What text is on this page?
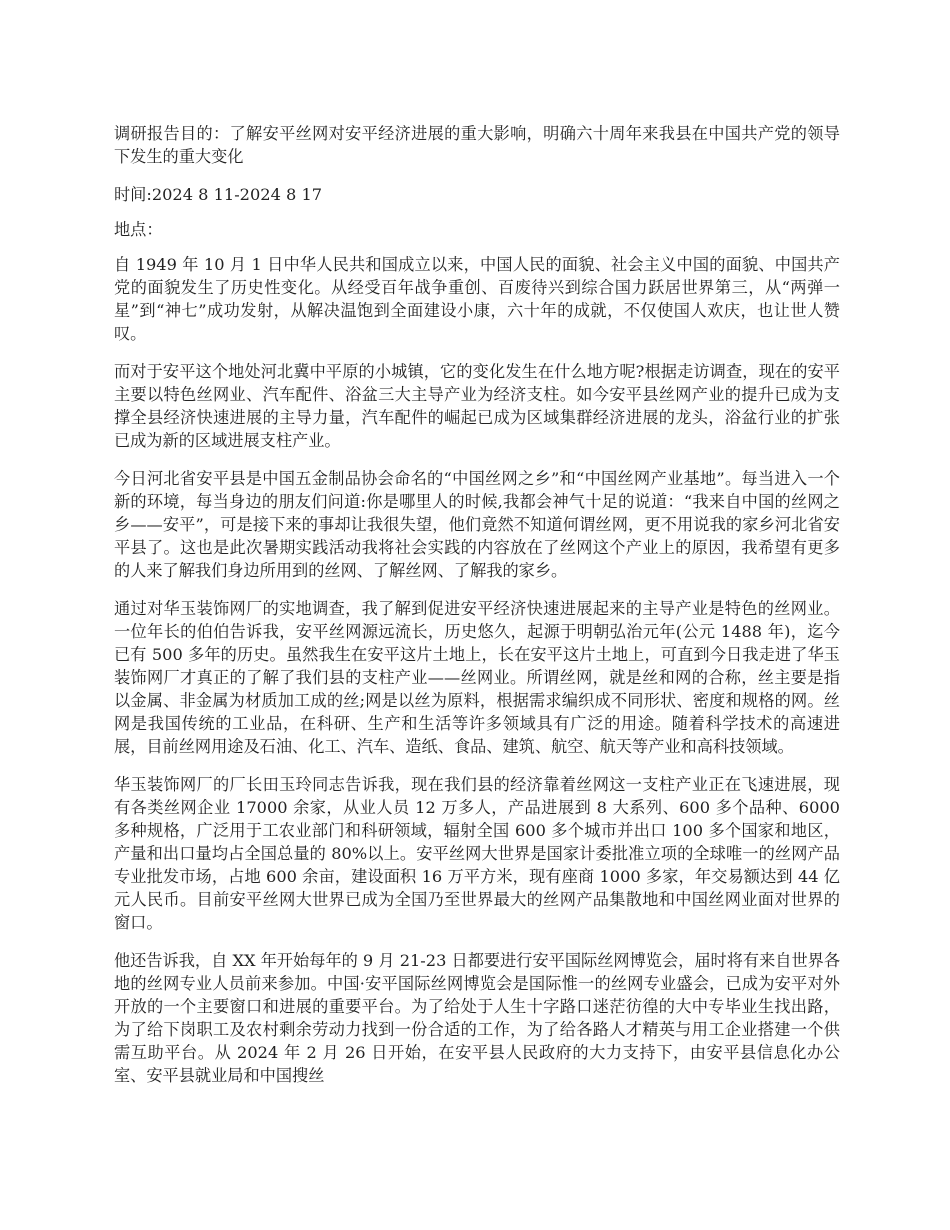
调研报告目的：了解安平丝网对安平经济进展的重大影响，明确六十周年来我县在中国共产党的领导下发生的重大变化

时间:2024 8 11-2024 8 17

地点：

自 1949 年 10 月 1 日中华人民共和国成立以来，中国人民的面貌、社会主义中国的面貌、中国共产党的面貌发生了历史性变化。从经受百年战争重创、百废待兴到综合国力跃居世界第三，从“两弹一星”到“神七”成功发射，从解决温饱到全面建设小康，六十年的成就，不仅使国人欢庆，也让世人赞叹。

而对于安平这个地处河北冀中平原的小城镇，它的变化发生在什么地方呢?根据走访调查，现在的安平主要以特色丝网业、汽车配件、浴盆三大主导产业为经济支柱。如今安平县丝网产业的提升已成为支撑全县经济快速进展的主导力量，汽车配件的崛起已成为区域集群经济进展的龙头，浴盆行业的扩张已成为新的区域进展支柱产业。

今日河北省安平县是中国五金制品协会命名的“中国丝网之乡”和“中国丝网产业基地”。每当进入一个新的环境，每当身边的朋友们问道:你是哪里人的时候,我都会神气十足的说道：“我来自中国的丝网之乡——安平”，可是接下来的事却让我很失望，他们竟然不知道何谓丝网，更不用说我的家乡河北省安平县了。这也是此次暑期实践活动我将社会实践的内容放在了丝网这个产业上的原因，我希望有更多的人来了解我们身边所用到的丝网、了解丝网、了解我的家乡。

通过对华玉装饰网厂的实地调查，我了解到促进安平经济快速进展起来的主导产业是特色的丝网业。一位年长的伯伯告诉我，安平丝网源远流长，历史悠久，起源于明朝弘治元年(公元 1488 年)，迄今已有 500 多年的历史。虽然我生在安平这片土地上，长在安平这片土地上，可直到今日我走进了华玉装饰网厂才真正的了解了我们县的支柱产业——丝网业。所谓丝网，就是丝和网的合称，丝主要是指以金属、非金属为材质加工成的丝;网是以丝为原料，根据需求编织成不同形状、密度和规格的网。丝网是我国传统的工业品，在科研、生产和生活等许多领域具有广泛的用途。随着科学技术的高速进展，目前丝网用途及石油、化工、汽车、造纸、食品、建筑、航空、航天等产业和高科技领域。

华玉装饰网厂的厂长田玉玲同志告诉我，现在我们县的经济靠着丝网这一支柱产业正在飞速进展，现有各类丝网企业 17000 余家，从业人员 12 万多人，产品进展到 8 大系列、600 多个品种、6000 多种规格，广泛用于工农业部门和科研领域，辐射全国 600 多个城市并出口 100 多个国家和地区，产量和出口量均占全国总量的 80%以上。安平丝网大世界是国家计委批准立项的全球唯一的丝网产品专业批发市场，占地 600 余亩，建设面积 16 万平方米，现有座商 1000 多家，年交易额达到 44 亿元人民币。目前安平丝网大世界已成为全国乃至世界最大的丝网产品集散地和中国丝网业面对世界的窗口。

他还告诉我，自 XX 年开始每年的 9 月 21-23 日都要进行安平国际丝网博览会，届时将有来自世界各地的丝网专业人员前来参加。中国·安平国际丝网博览会是国际惟一的丝网专业盛会，已成为安平对外开放的一个主要窗口和进展的重要平台。为了给处于人生十字路口迷茫彷徨的大中专毕业生找出路，为了给下岗职工及农村剩余劳动力找到一份合适的工作，为了给各路人才精英与用工企业搭建一个供需互助平台。从 2024 年 2 月 26 日开始，在安平县人民政府的大力支持下，由安平县信息化办公室、安平县就业局和中国搜丝
